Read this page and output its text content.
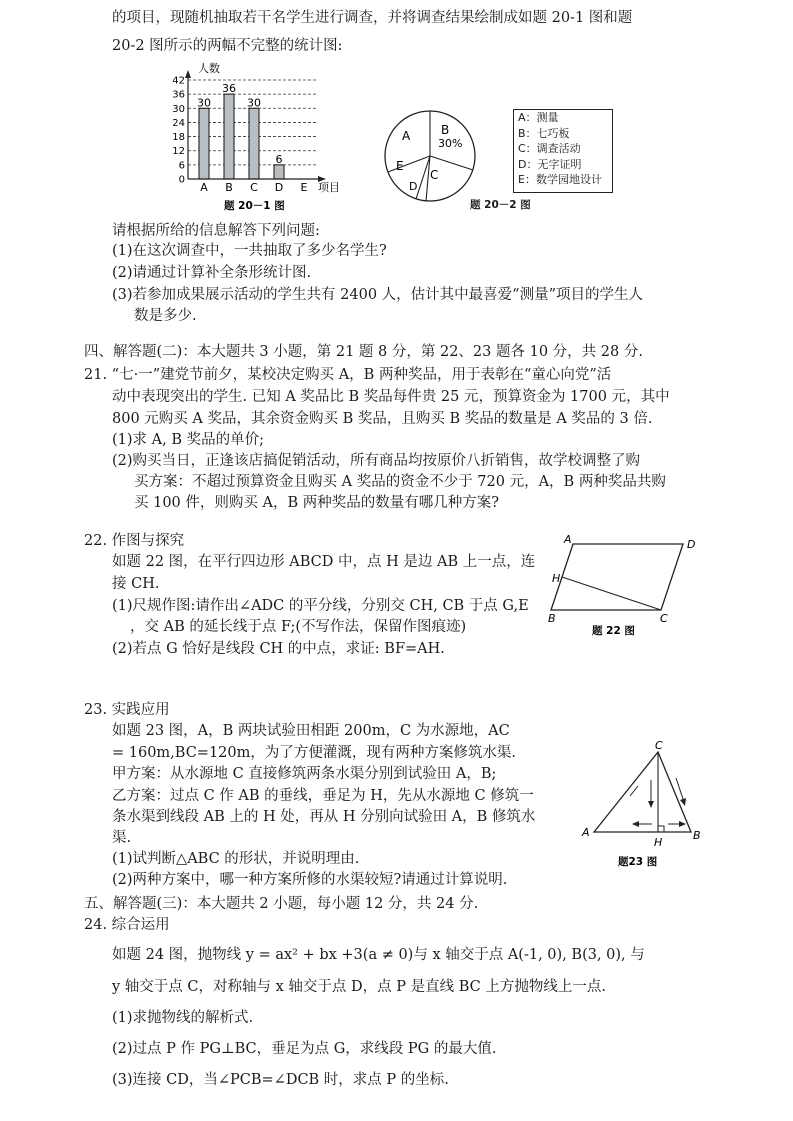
的项目，现随机抽取若干名学生进行调查，并将调查结果绘制成如题 20-1 图和题
20-2 图所示的两幅不完整的统计图:
0
6
12
18
24
30
36
42
30
36
30
6
A B C D E
人数
项目
题 20－1 图
A	B
30%
C
D
E
题 20－2 图
A：测量
B：七巧板
C：调查活动
D：无字证明
E：数学园地设计
请根据所给的信息解答下列问题:
(1)在这次调查中，一共抽取了多少名学生?
(2)请通过计算补全条形统计图.
(3)若参加成果展示活动的学生共有 2400 人，估计其中最喜爱“测量”项目的学生人
数是多少.
四、解答题(二)：本大题共 3 小题，第 21 题 8 分，第 22、23 题各 10 分，共 28 分.
21. “七·一”建党节前夕，某校决定购买 A，B 两种奖品，用于表彰在“童心向党”活
动中表现突出的学生. 已知 A 奖品比 B 奖品每件贵 25 元，预算资金为 1700 元，其中
800 元购买 A 奖品，其余资金购买 B 奖品，且购买 B 奖品的数量是 A 奖品的 3 倍.
(1)求 A, B 奖品的单价;
(2)购买当日，正逢该店搞促销活动，所有商品均按原价八折销售，故学校调整了购
买方案：不超过预算资金且购买 A 奖品的资金不少于 720 元，A，B 两种奖品共购
买 100 件，则购买 A，B 两种奖品的数量有哪几种方案?
22. 作图与探究
如题 22 图，在平行四边形 ABCD 中，点 H 是边 AB 上一点，连
接 CH.
(1)尺规作图:请作出∠ADC 的平分线，分别交 CH, CB 于点 G,E
，交 AB 的延长线于点 F;(不写作法，保留作图痕迹)
(2)若点 G 恰好是线段 CH 的中点，求证: BF=AH.
A	D
H
B	C
题 22 图
23. 实践应用
如题 23 图，A，B 两块试验田相距 200m，C 为水源地，AC
= 160m,BC=120m，为了方便灌溉，现有两种方案修筑水渠.
甲方案：从水源地 C 直接修筑两条水渠分别到试验田 A，B;
乙方案：过点 C 作 AB 的垂线，垂足为 H，先从水源地 C 修筑一
条水渠到线段 AB 上的 H 处，再从 H 分别向试验田 A，B 修筑水
渠.
(1)试判断△ABC 的形状，并说明理由.
(2)两种方案中，哪一种方案所修的水渠较短?请通过计算说明.
C
A
H
B
题23 图
五、解答题(三)：本大题共 2 小题，每小题 12 分，共 24 分.
24. 综合运用
如题 24 图，抛物线 y = ax² + bx +3(a ≠ 0)与 x 轴交于点 A(-1, 0), B(3, 0), 与
y 轴交于点 C，对称轴与 x 轴交于点 D，点 P 是直线 BC 上方抛物线上一点.
(1)求抛物线的解析式.
(2)过点 P 作 PG⊥BC，垂足为点 G，求线段 PG 的最大值.
(3)连接 CD，当∠PCB=∠DCB 时，求点 P 的坐标.
